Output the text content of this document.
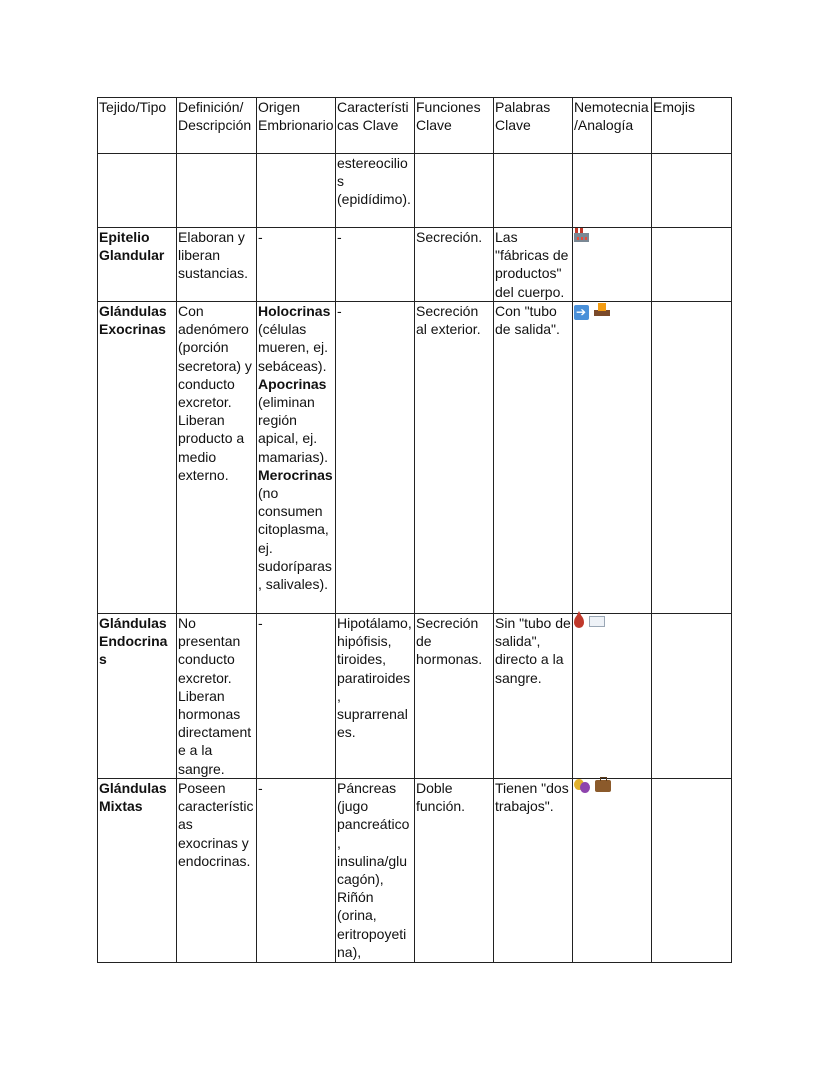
Tejido/Tipo	Definición/ Descripción	Origen Embrionario	Características Clave	Funciones Clave	Palabras Clave	Nemotecnia/Analogía	Emojis
			estereocilios (epidídimo).				
Epitelio Glandular	Elaboran y liberan sustancias.	-	-	Secreción.	Las "fábricas de productos" del cuerpo.	

Glándulas Exocrinas	Con adenómero (porción secretora) y conducto excretor. Liberan producto a medio externo.	Holocrinas (células mueren, ej. sebáceas). Apocrinas (eliminan región apical, ej. mamarias). Merocrinas (no consumen citoplasma, ej. sudoríparas, salivales).	-	Secreción al exterior.	Con "tubo de salida".	➔

Glándulas Endocrinas	No presentan conducto excretor. Liberan hormonas directamente a la sangre.	-	Hipotálamo, hipófisis, tiroides, paratiroides, suprarrenales.	Secreción de hormonas.	Sin "tubo de salida", directo a la sangre.		
Glándulas Mixtas	Poseen características exocrinas y endocrinas.	-	Páncreas (jugo pancreático, insulina/glucagón), Riñón (orina, eritropoyetina),	Doble función.	Tienen "dos trabajos".	
